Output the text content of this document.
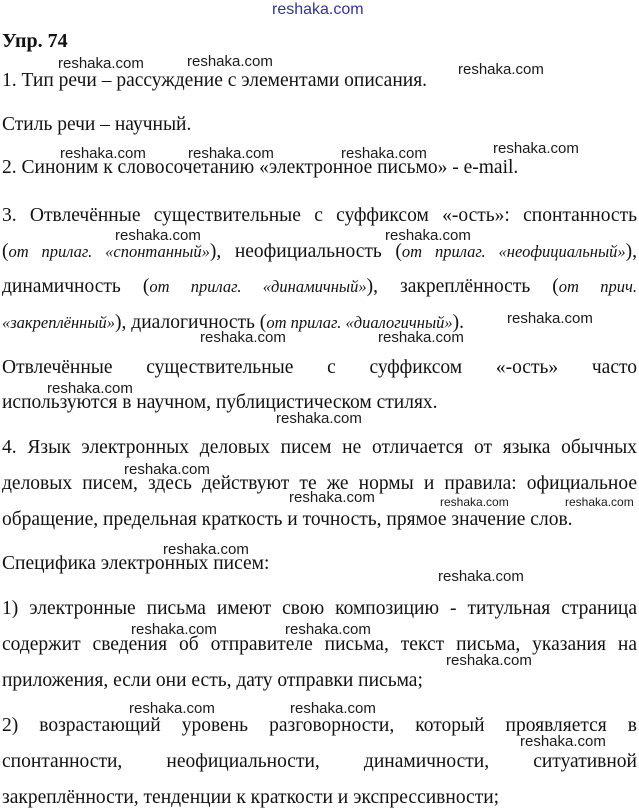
reshaka.com
Упр. 74
1. Тип речи – рассуждение с элементами описания.
Стиль речи – научный.
2. Синоним к словосочетанию «электронное письмо» - e-mail.
3. Отвлечённые существительные с суффиксом «-ость»: спонтанность
(от прилаг. «спонтанный»), неофициальность (от прилаг. «неофициальный»),
динамичность (от прилаг. «динамичный»), закреплённость (от прич.
«закреплённый»), диалогичность (от прилаг. «диалогичный»).
Отвлечённые существительные с суффиксом «-ость» часто
используются в научном, публицистическом стилях.
4. Язык электронных деловых писем не отличается от языка обычных
деловых писем, здесь действуют те же нормы и правила: официальное
обращение, предельная краткость и точность, прямое значение слов.
Специфика электронных писем:
1) электронные письма имеют свою композицию - титульная страница
содержит сведения об отправителе письма, текст письма, указания на
приложения, если они есть, дату отправки письма;
2) возрастающий уровень разговорности, который проявляется в
спонтанности, неофициальности, динамичности, ситуативной
закреплённости, тенденции к краткости и экспрессивности;
reshaka.com	reshaka.com	reshaka.com
reshaka.com
reshaka.com	reshaka.com	reshaka.com
reshaka.com	reshaka.com
reshaka.com
reshaka.com	reshaka.com
reshaka.com
reshaka.com
reshaka.com
reshaka.com	reshaka.com	reshaka.com
reshaka.com
reshaka.com
reshaka.com	reshaka.com
reshaka.com
reshaka.com	reshaka.com
reshaka.com
